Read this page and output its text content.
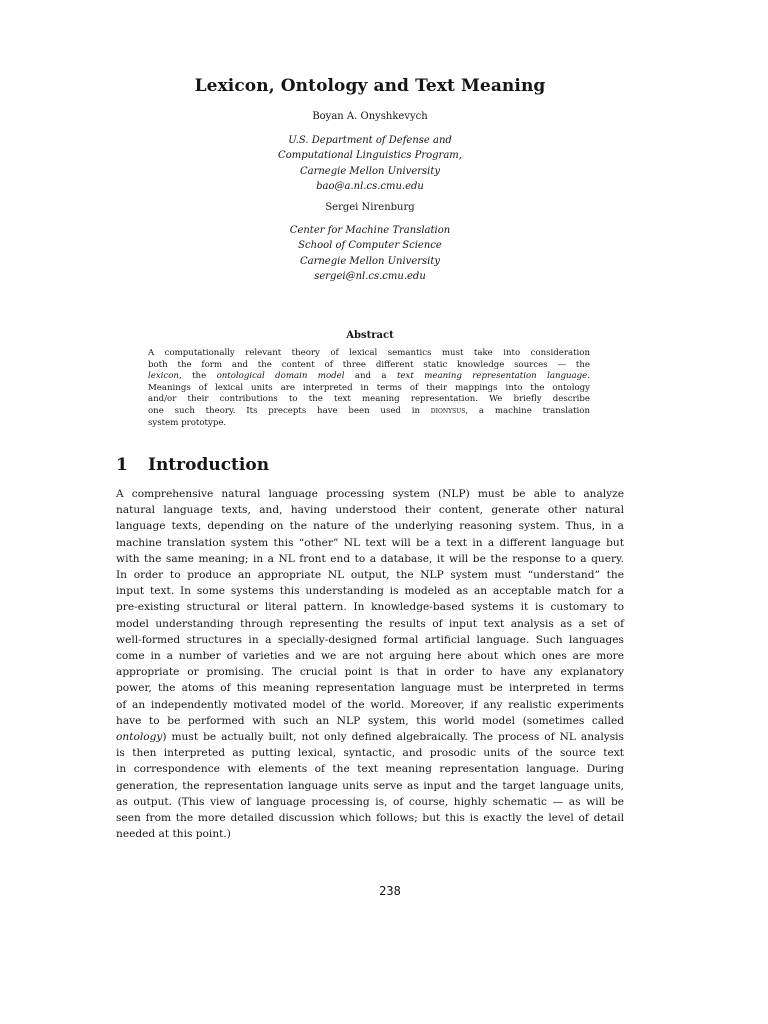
Lexicon, Ontology and Text Meaning
Boyan A. Onyshkevych
U.S. Department of Defense and
Computational Linguistics Program,
Carnegie Mellon University
bao@a.nl.cs.cmu.edu
Sergei Nirenburg
Center for Machine Translation
School of Computer Science
Carnegie Mellon University
sergei@nl.cs.cmu.edu
Abstract
A computationally relevant theory of lexical semantics must take into consideration
both the form and the content of three different static knowledge sources — the
lexicon, the ontological domain model and a text meaning representation language.
Meanings of lexical units are interpreted in terms of their mappings into the ontology
and/or their contributions to the text meaning representation. We briefly describe
one such theory. Its precepts have been used in dionysus, a machine translation
system prototype.
1 Introduction
A comprehensive natural language processing system (NLP) must be able to analyze
natural language texts, and, having understood their content, generate other natural
language texts, depending on the nature of the underlying reasoning system. Thus, in a
machine translation system this “other” NL text will be a text in a different language but
with the same meaning; in a NL front end to a database, it will be the response to a query.
In order to produce an appropriate NL output, the NLP system must “understand” the
input text. In some systems this understanding is modeled as an acceptable match for a
pre-existing structural or literal pattern. In knowledge-based systems it is customary to
model understanding through representing the results of input text analysis as a set of
well-formed structures in a specially-designed formal artificial language. Such languages
come in a number of varieties and we are not arguing here about which ones are more
appropriate or promising. The crucial point is that in order to have any explanatory
power, the atoms of this meaning representation language must be interpreted in terms
of an independently motivated model of the world. Moreover, if any realistic experiments
have to be performed with such an NLP system, this world model (sometimes called
ontology) must be actually built, not only defined algebraically. The process of NL analysis
is then interpreted as putting lexical, syntactic, and prosodic units of the source text
in correspondence with elements of the text meaning representation language. During
generation, the representation language units serve as input and the target language units,
as output. (This view of language processing is, of course, highly schematic — as will be
seen from the more detailed discussion which follows; but this is exactly the level of detail
needed at this point.)
238
